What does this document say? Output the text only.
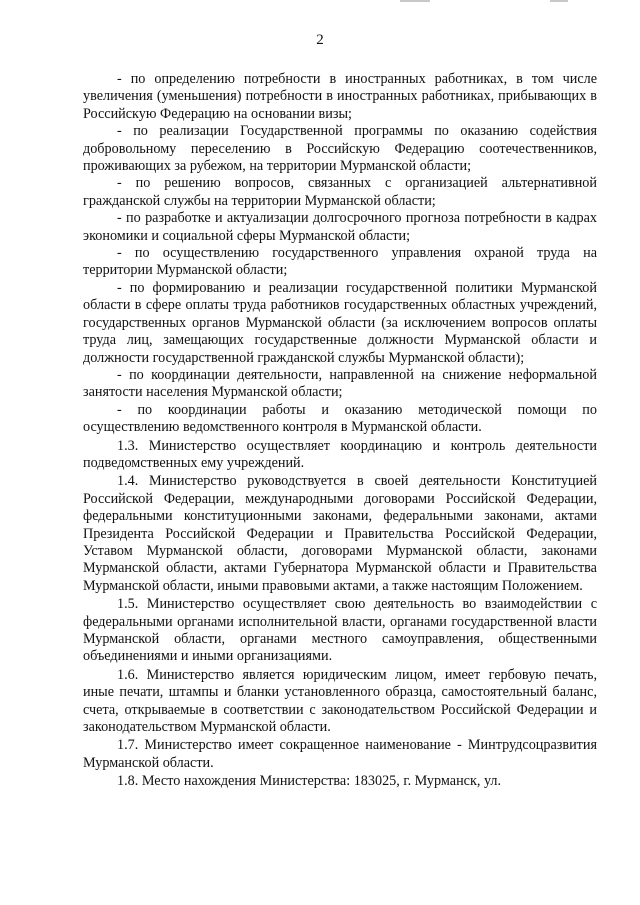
2

- по определению потребности в иностранных работниках, в том числе увеличения (уменьшения) потребности в иностранных работниках, прибывающих в Российскую Федерацию на основании визы;

- по реализации Государственной программы по оказанию содействия добровольному переселению в Российскую Федерацию соотечественников, проживающих за рубежом, на территории Мурманской области;

- по решению вопросов, связанных с организацией альтернативной гражданской службы на территории Мурманской области;

- по разработке и актуализации долгосрочного прогноза потребности в кадрах экономики и социальной сферы Мурманской области;

- по осуществлению государственного управления охраной труда на территории Мурманской области;

- по формированию и реализации государственной политики Мурманской области в сфере оплаты труда работников государственных областных учреждений, государственных органов Мурманской области (за исключением вопросов оплаты труда лиц, замещающих государственные должности Мурманской области и должности государственной гражданской службы Мурманской области);

- по координации деятельности, направленной на снижение неформальной занятости населения Мурманской области;

- по координации работы и оказанию методической помощи по осуществлению ведомственного контроля в Мурманской области.

1.3. Министерство осуществляет координацию и контроль деятельности подведомственных ему учреждений.

1.4. Министерство руководствуется в своей деятельности Конституцией Российской Федерации, международными договорами Российской Федерации, федеральными конституционными законами, федеральными законами, актами Президента Российской Федерации и Правительства Российской Федерации, Уставом Мурманской области, договорами Мурманской области, законами Мурманской области, актами Губернатора Мурманской области и Правительства Мурманской области, иными правовыми актами, а также настоящим Положением.

1.5. Министерство осуществляет свою деятельность во взаимодействии с федеральными органами исполнительной власти, органами государственной власти Мурманской области, органами местного самоуправления, общественными объединениями и иными организациями.

1.6. Министерство является юридическим лицом, имеет гербовую печать, иные печати, штампы и бланки установленного образца, самостоятельный баланс, счета, открываемые в соответствии с законодательством Российской Федерации и законодательством Мурманской области.

1.7. Министерство имеет сокращенное наименование - Минтрудсоцразвития Мурманской области.

1.8. Место нахождения Министерства: 183025, г. Мурманск, ул.
